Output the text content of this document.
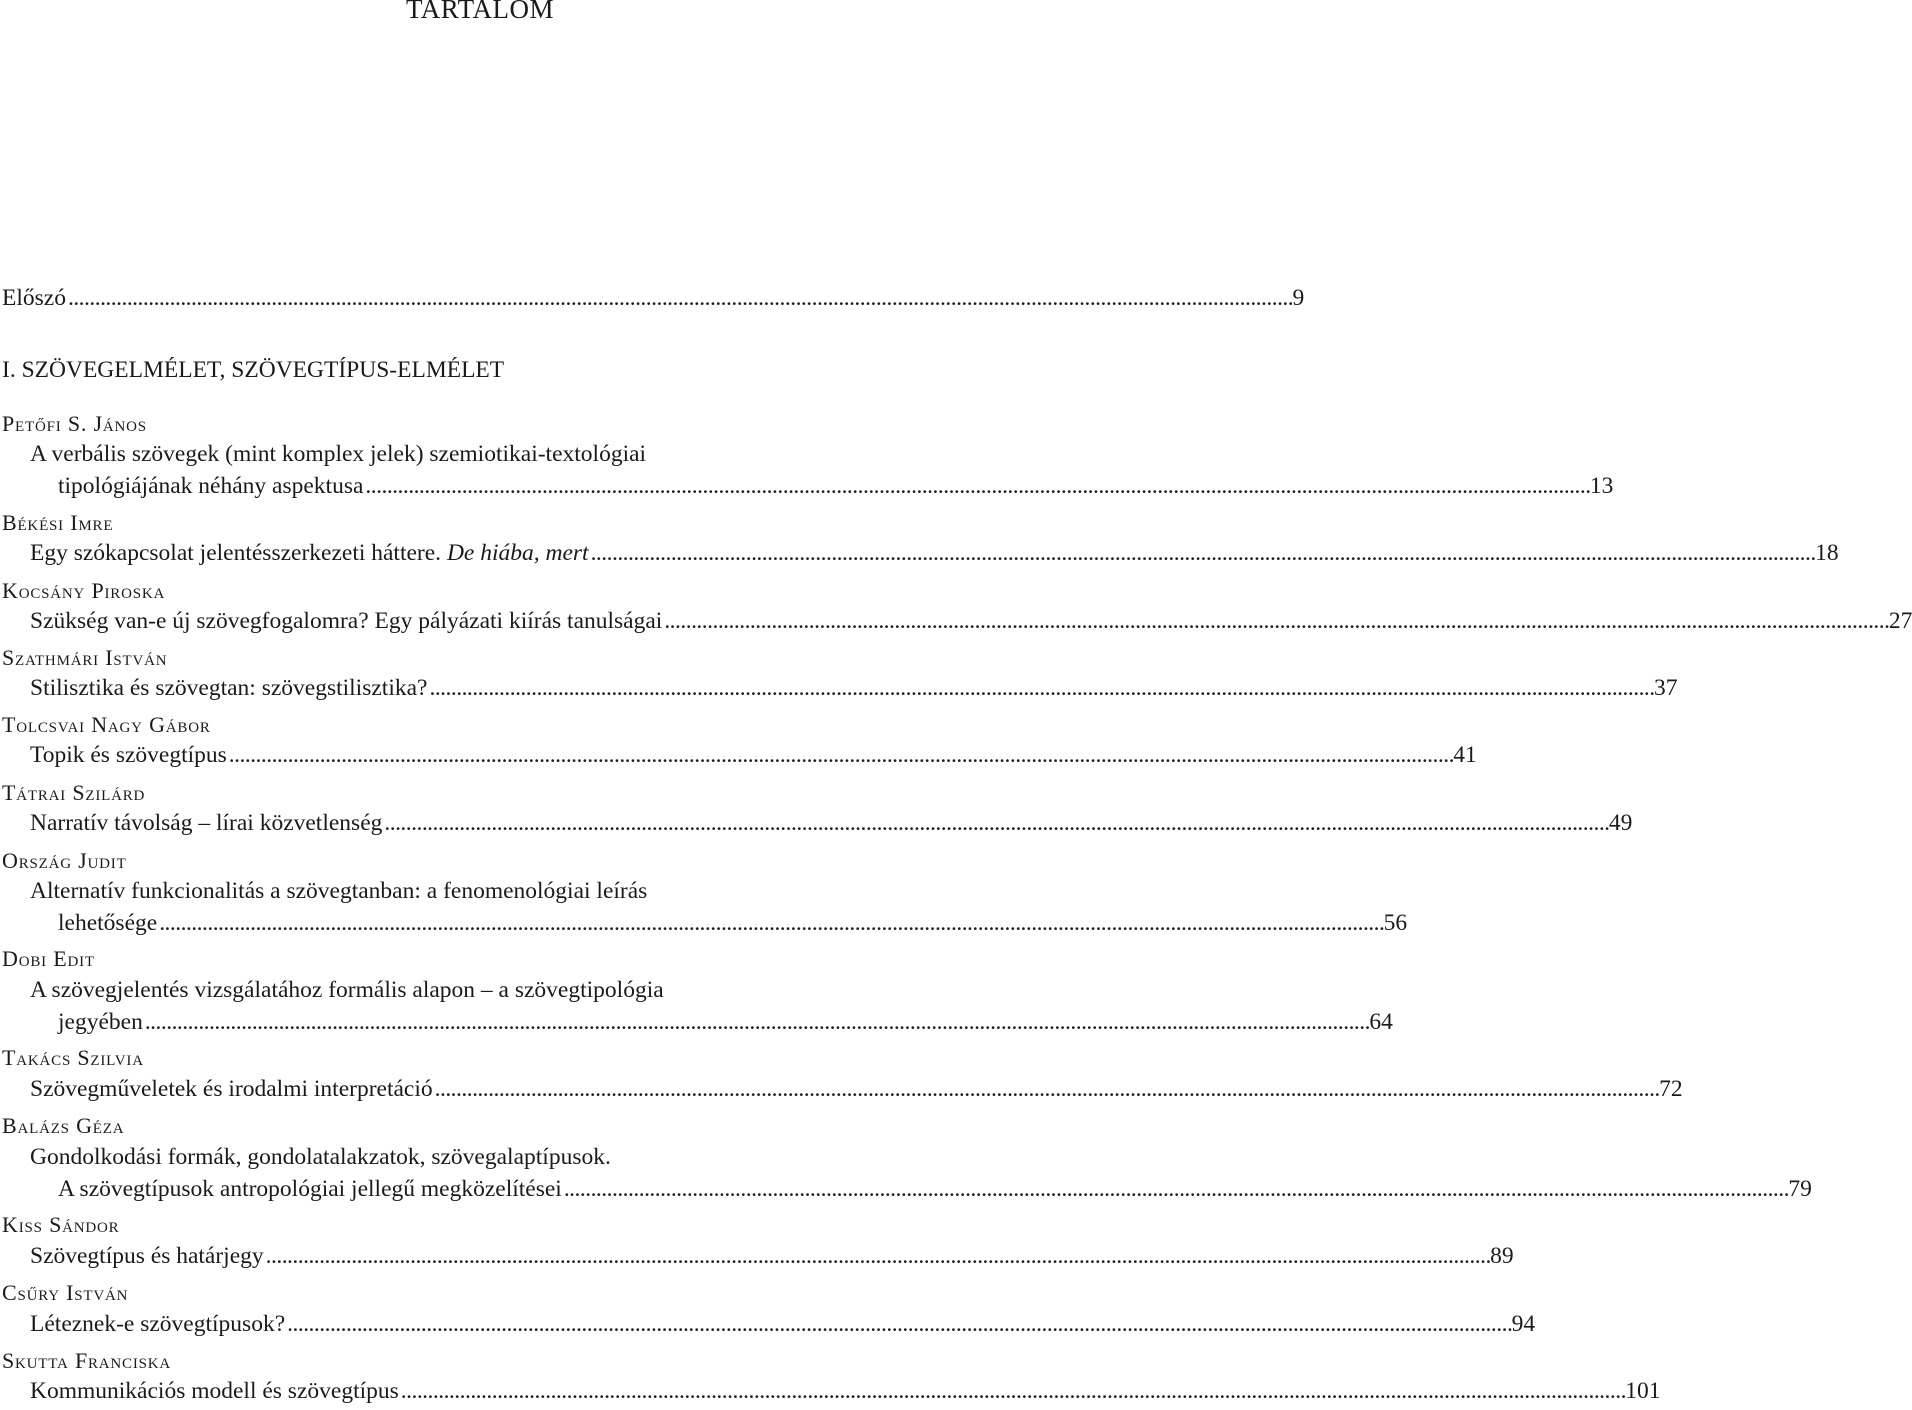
TARTALOM
Előszó . . .	9
I. SZÖVEGELMÉLET, SZÖVEGTÍPUS-ELMÉLET
Petőfi S. János
A verbális szövegek (mint komplex jelek) szemiotikai-textológiai
tipológiájának néhány aspektusa . . .	13
Békési Imre
Egy szókapcsolat jelentésszerkezeti háttere. De hiába, mert . . .	18
Kocsány Piroska
Szükség van-e új szövegfogalomra? Egy pályázati kiírás tanulságai . . .	27
Szathmári István
Stilisztika és szövegtan: szövegstilisztika? . . .	37
Tolcsvai Nagy Gábor
Topik és szövegtípus . . .	41
Tátrai Szilárd
Narratív távolság – lírai közvetlenség . . .	49
Ország Judit
Alternatív funkcionalitás a szövegtanban: a fenomenológiai leírás
lehetősége . . .	56
Dobi Edit
A szövegjelentés vizsgálatához formális alapon – a szövegtipológia
jegyében . . .	64
Takács Szilvia
Szövegműveletek és irodalmi interpretáció . . .	72
Balázs Géza
Gondolkodási formák, gondolatalakzatok, szövegalaptípusok.
A szövegtípusok antropológiai jellegű megközelítései . . .	79
Kiss Sándor
Szövegtípus és határjegy . . .	89
Csűry István
Léteznek-e szövegtípusok? . . .	94
Skutta Franciska
Kommunikációs modell és szövegtípus . . .	101
